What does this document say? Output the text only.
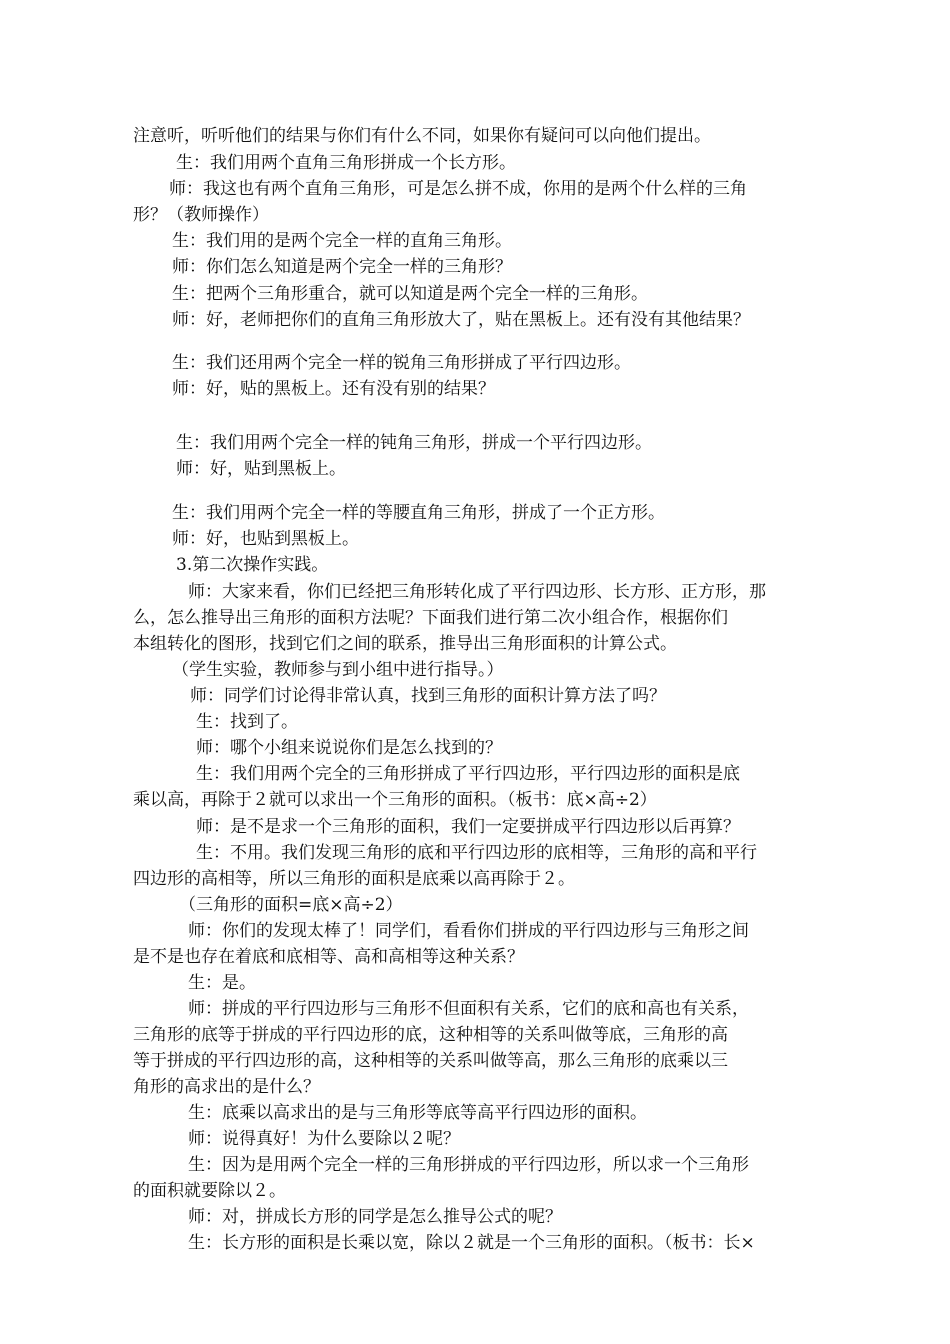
注意听，听听他们的结果与你们有什么不同，如果你有疑问可以向他们提出。
生：我们用两个直角三角形拼成一个长方形。
师：我这也有两个直角三角形，可是怎么拼不成，你用的是两个什么样的三角
形？（教师操作）
生：我们用的是两个完全一样的直角三角形。
师：你们怎么知道是两个完全一样的三角形？
生：把两个三角形重合，就可以知道是两个完全一样的三角形。
师：好，老师把你们的直角三角形放大了，贴在黑板上。还有没有其他结果？
生：我们还用两个完全一样的锐角三角形拼成了平行四边形。
师：好，贴的黑板上。还有没有别的结果？
生：我们用两个完全一样的钝角三角形，拼成一个平行四边形。
师：好，贴到黑板上。
生：我们用两个完全一样的等腰直角三角形，拼成了一个正方形。
师：好，也贴到黑板上。
3.第二次操作实践。
师：大家来看，你们已经把三角形转化成了平行四边形、长方形、正方形，那
么，怎么推导出三角形的面积方法呢？下面我们进行第二次小组合作，根据你们
本组转化的图形，找到它们之间的联系，推导出三角形面积的计算公式。
（学生实验，教师参与到小组中进行指导。）
师：同学们讨论得非常认真，找到三角形的面积计算方法了吗？
生：找到了。
师：哪个小组来说说你们是怎么找到的？
生：我们用两个完全的三角形拼成了平行四边形，平行四边形的面积是底
乘以高，再除于２就可以求出一个三角形的面积。（板书：底×高÷2）
师：是不是求一个三角形的面积，我们一定要拼成平行四边形以后再算？
生：不用。我们发现三角形的底和平行四边形的底相等，三角形的高和平行
四边形的高相等，所以三角形的面积是底乘以高再除于２。
（三角形的面积=底×高÷2）
师：你们的发现太棒了！同学们，看看你们拼成的平行四边形与三角形之间
是不是也存在着底和底相等、高和高相等这种关系？
生：是。
师：拼成的平行四边形与三角形不但面积有关系，它们的底和高也有关系，
三角形的底等于拼成的平行四边形的底，这种相等的关系叫做等底，三角形的高
等于拼成的平行四边形的高，这种相等的关系叫做等高，那么三角形的底乘以三
角形的高求出的是什么？
生：底乘以高求出的是与三角形等底等高平行四边形的面积。
师：说得真好！为什么要除以２呢？
生：因为是用两个完全一样的三角形拼成的平行四边形，所以求一个三角形
的面积就要除以２。
师：对，拼成长方形的同学是怎么推导公式的呢？
生：长方形的面积是长乘以宽，除以２就是一个三角形的面积。（板书：长×
